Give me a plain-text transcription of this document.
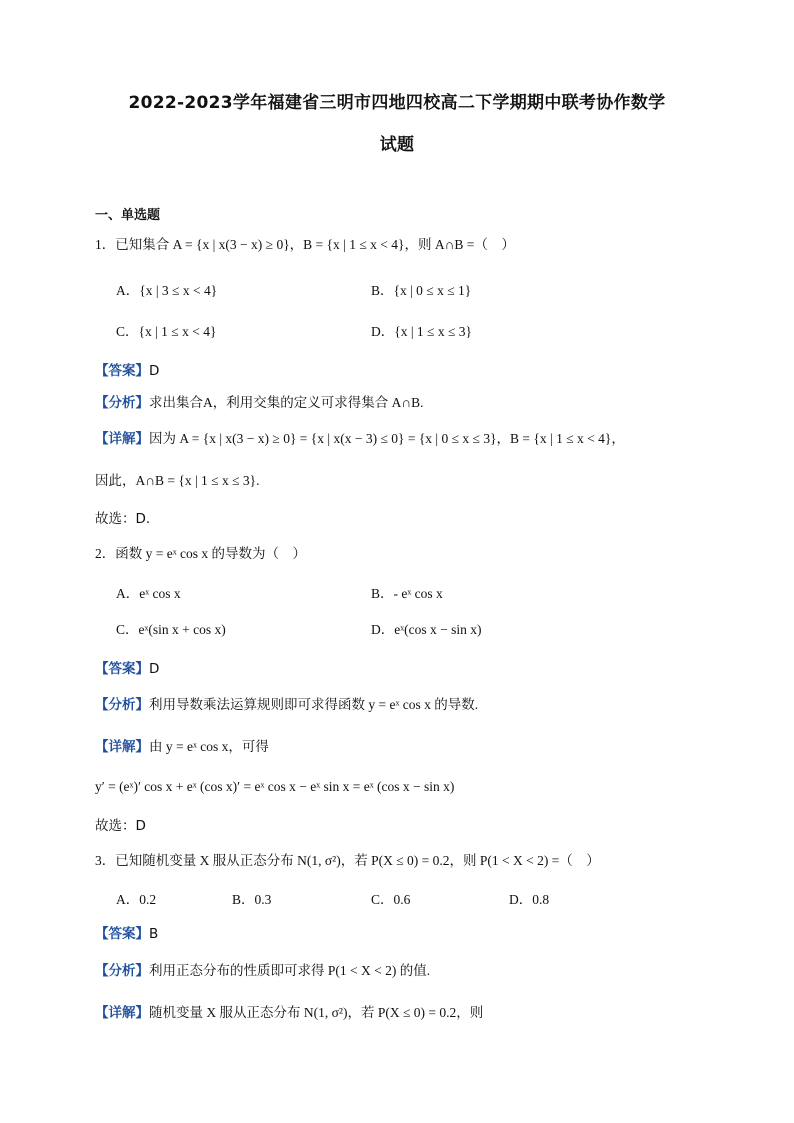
2022-2023学年福建省三明市四地四校高二下学期期中联考协作数学
试题
一、单选题
1．已知集合 A = {x | x(3 − x) ≥ 0}，B = {x | 1 ≤ x < 4}，则 A∩B =（　）
A．{x | 3 ≤ x < 4}	B．{x | 0 ≤ x ≤ 1}
C．{x | 1 ≤ x < 4}	D．{x | 1 ≤ x ≤ 3}
【答案】D
【分析】求出集合A，利用交集的定义可求得集合 A∩B.
【详解】因为 A = {x | x(3 − x) ≥ 0} = {x | x(x − 3) ≤ 0} = {x | 0 ≤ x ≤ 3}，B = {x | 1 ≤ x < 4}，
因此，A∩B = {x | 1 ≤ x ≤ 3}.
故选：D.
2．函数 y = eˣ cos x 的导数为（　）
A．eˣ cos x	B．- eˣ cos x
C．eˣ(sin x + cos x)	D．eˣ(cos x − sin x)
【答案】D
【分析】利用导数乘法运算规则即可求得函数 y = eˣ cos x 的导数.
【详解】由 y = eˣ cos x，可得
y′ = (eˣ)′ cos x + eˣ (cos x)′ = eˣ cos x − eˣ sin x = eˣ (cos x − sin x)
故选：D
3．已知随机变量 X 服从正态分布 N(1, σ²)，若 P(X ≤ 0) = 0.2，则 P(1 < X < 2) =（　）
A．0.2	B．0.3	C．0.6	D．0.8
【答案】B
【分析】利用正态分布的性质即可求得 P(1 < X < 2) 的值.
【详解】随机变量 X 服从正态分布 N(1, σ²)，若 P(X ≤ 0) = 0.2，则
